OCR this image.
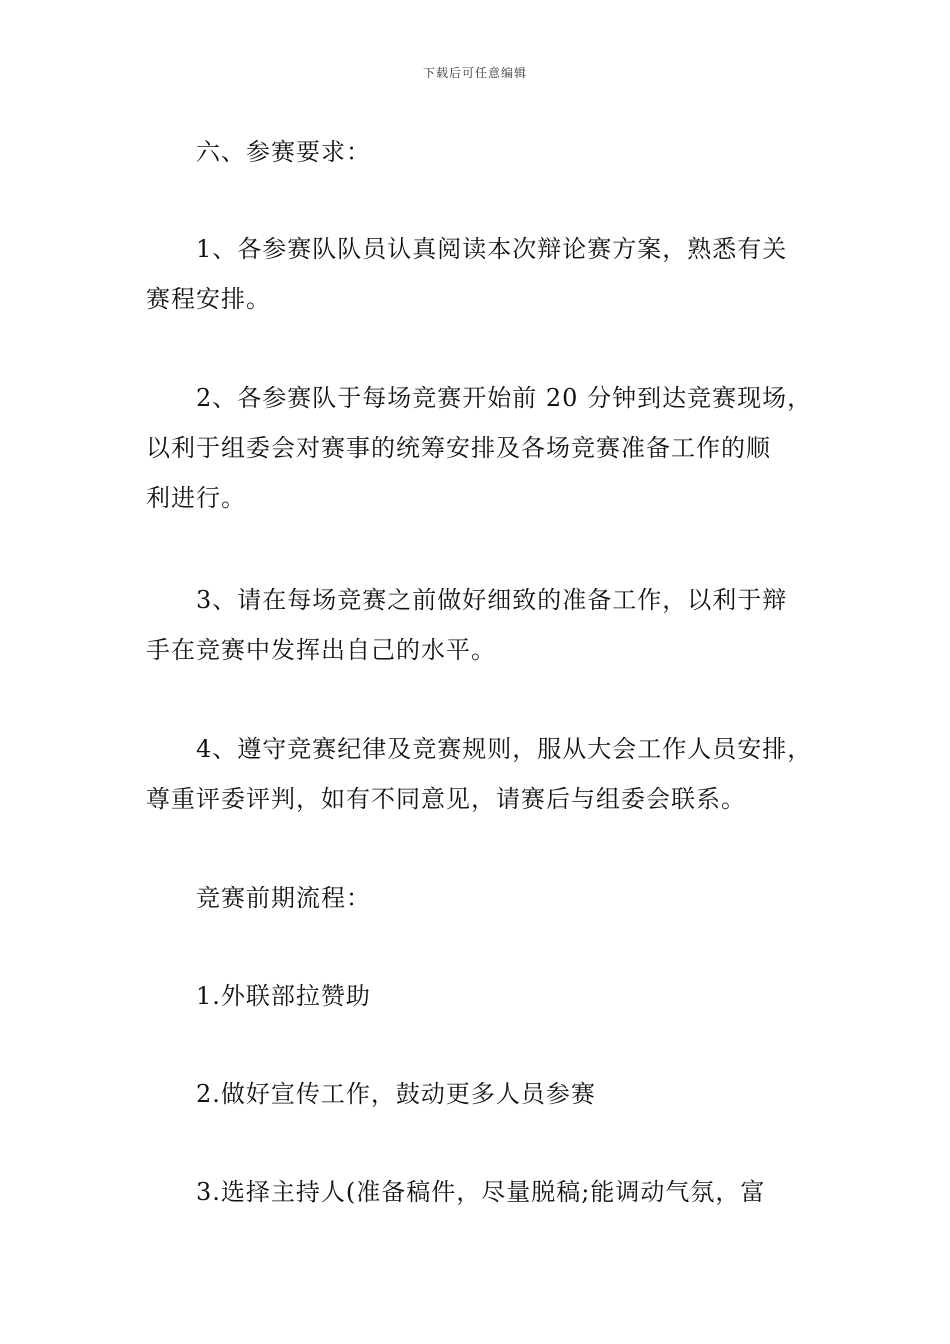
下载后可任意编辑
六、参赛要求：
1、各参赛队队员认真阅读本次辩论赛方案，熟悉有关
赛程安排。
2、各参赛队于每场竞赛开始前 20 分钟到达竞赛现场，
以利于组委会对赛事的统筹安排及各场竞赛准备工作的顺
利进行。
3、请在每场竞赛之前做好细致的准备工作，以利于辩
手在竞赛中发挥出自己的水平。
4、遵守竞赛纪律及竞赛规则，服从大会工作人员安排，
尊重评委评判，如有不同意见，请赛后与组委会联系。
竞赛前期流程：
1.外联部拉赞助
2.做好宣传工作，鼓动更多人员参赛
3.选择主持人(准备稿件，尽量脱稿;能调动气氛，富
